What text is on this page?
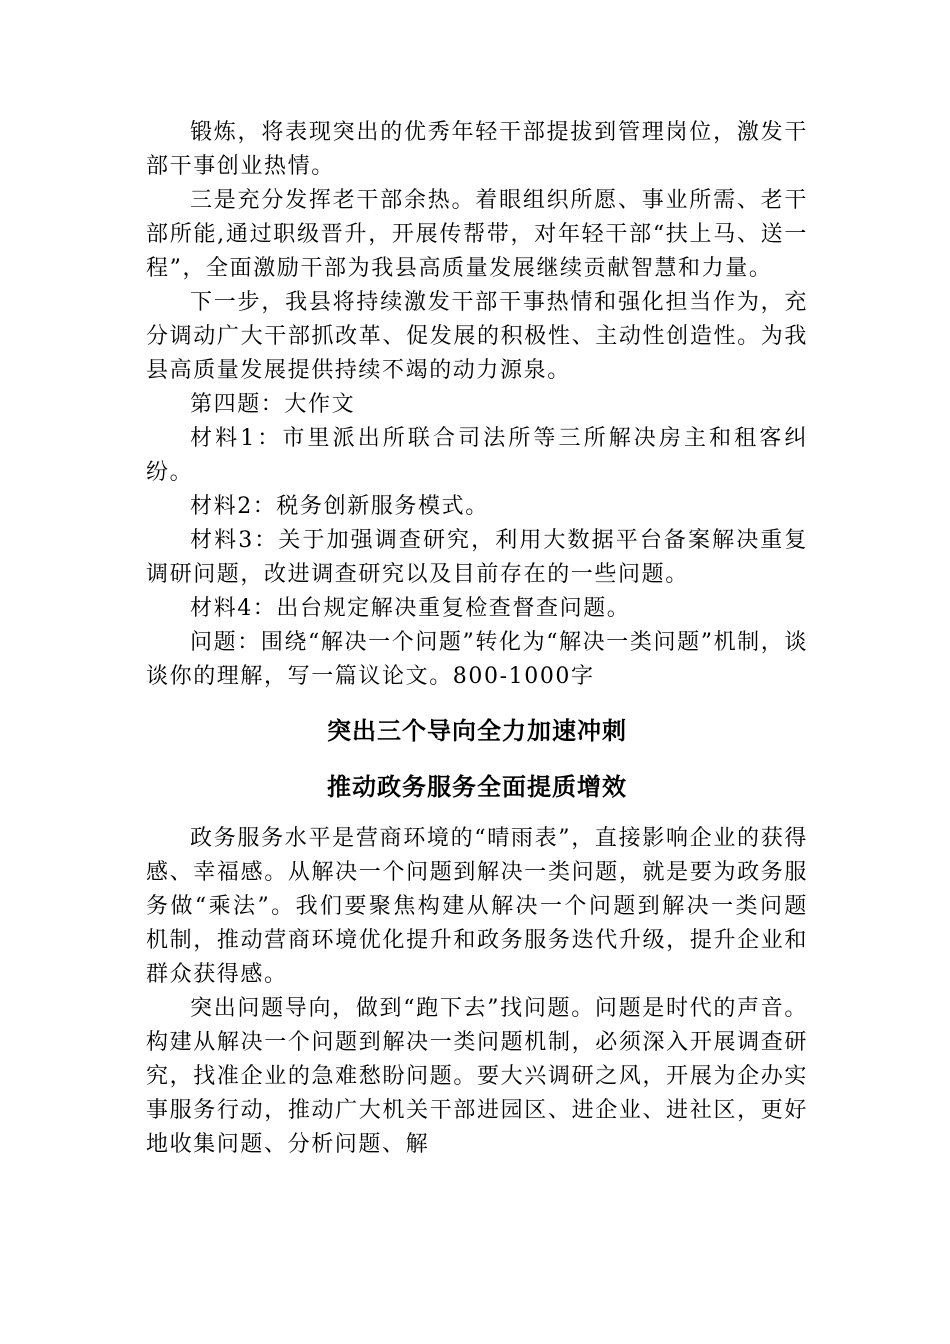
锻炼，将表现突出的优秀年轻干部提拔到管理岗位，激发干部干事创业热情。

三是充分发挥老干部余热。着眼组织所愿、事业所需、老干部所能,通过职级晋升，开展传帮带，对年轻干部“扶上马、送一程”，全面激励干部为我县高质量发展继续贡献智慧和力量。

下一步，我县将持续激发干部干事热情和强化担当作为，充分调动广大干部抓改革、促发展的积极性、主动性创造性。为我县高质量发展提供持续不竭的动力源泉。

第四题：大作文

材料1：市里派出所联合司法所等三所解决房主和租客纠纷。

材料2：税务创新服务模式。

材料3：关于加强调查研究，利用大数据平台备案解决重复调研问题，改进调查研究以及目前存在的一些问题。

材料4：出台规定解决重复检查督查问题。

问题：围绕“解决一个问题”转化为“解决一类问题”机制，谈谈你的理解，写一篇议论文。800-1000字

突出三个导向全力加速冲刺
推动政务服务全面提质增效

政务服务水平是营商环境的“晴雨表”，直接影响企业的获得感、幸福感。从解决一个问题到解决一类问题，就是要为政务服务做“乘法”。我们要聚焦构建从解决一个问题到解决一类问题机制，推动营商环境优化提升和政务服务迭代升级，提升企业和群众获得感。

突出问题导向，做到“跑下去”找问题。问题是时代的声音。构建从解决一个问题到解决一类问题机制，必须深入开展调查研究，找准企业的急难愁盼问题。要大兴调研之风，开展为企办实事服务行动，推动广大机关干部进园区、进企业、进社区，更好地收集问题、分析问题、解
